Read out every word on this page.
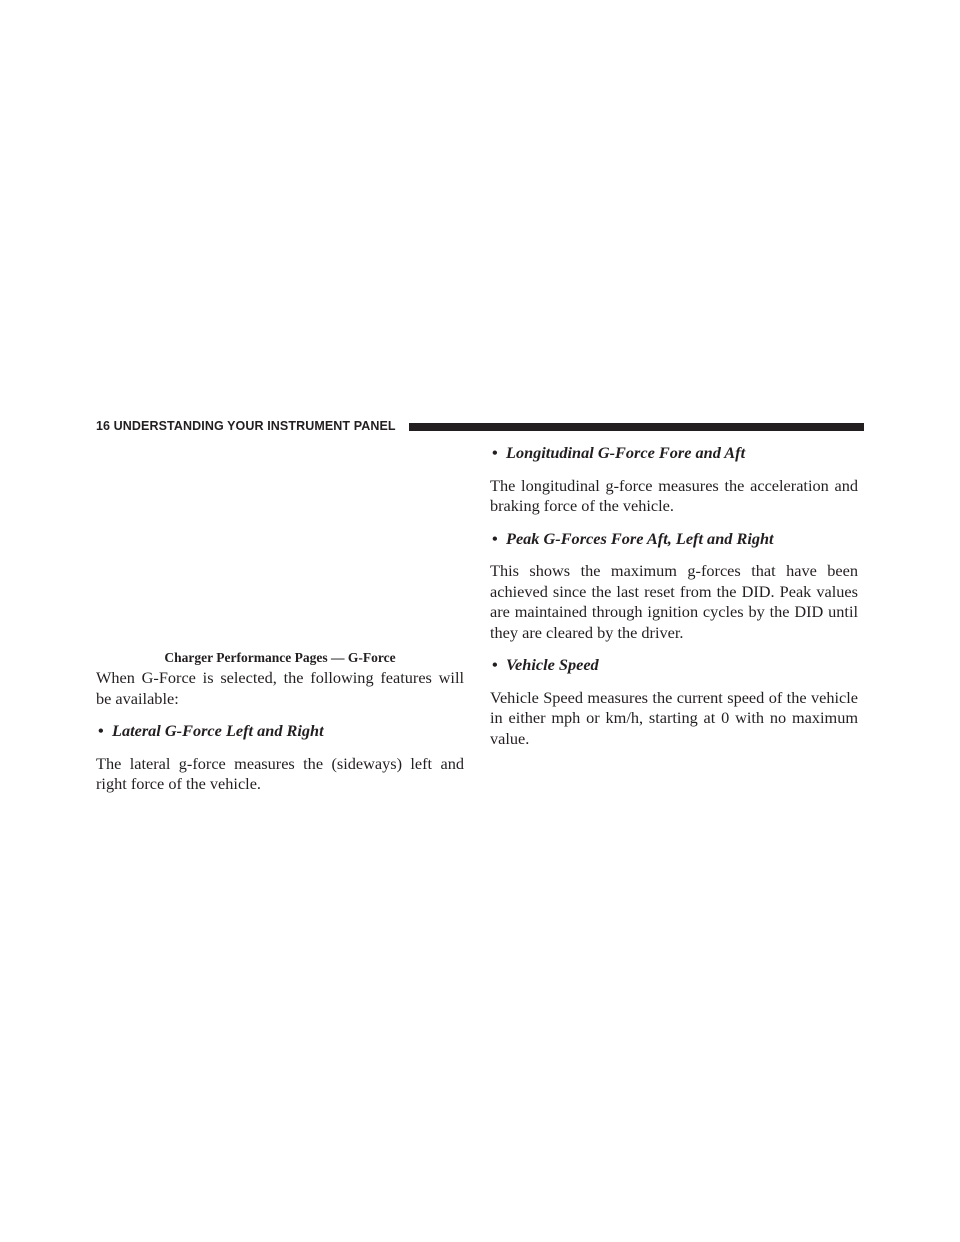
16 UNDERSTANDING YOUR INSTRUMENT PANEL
Charger Performance Pages — G-Force

When G-Force is selected, the following features will be available:

• Lateral G-Force Left and Right

The lateral g-force measures the (sideways) left and right force of the vehicle.

• Longitudinal G-Force Fore and Aft

The longitudinal g-force measures the acceleration and braking force of the vehicle.

• Peak G-Forces Fore Aft, Left and Right

This shows the maximum g-forces that have been achieved since the last reset from the DID. Peak values are maintained through ignition cycles by the DID until they are cleared by the driver.

• Vehicle Speed

Vehicle Speed measures the current speed of the vehicle in either mph or km/h, starting at 0 with no maximum value.
